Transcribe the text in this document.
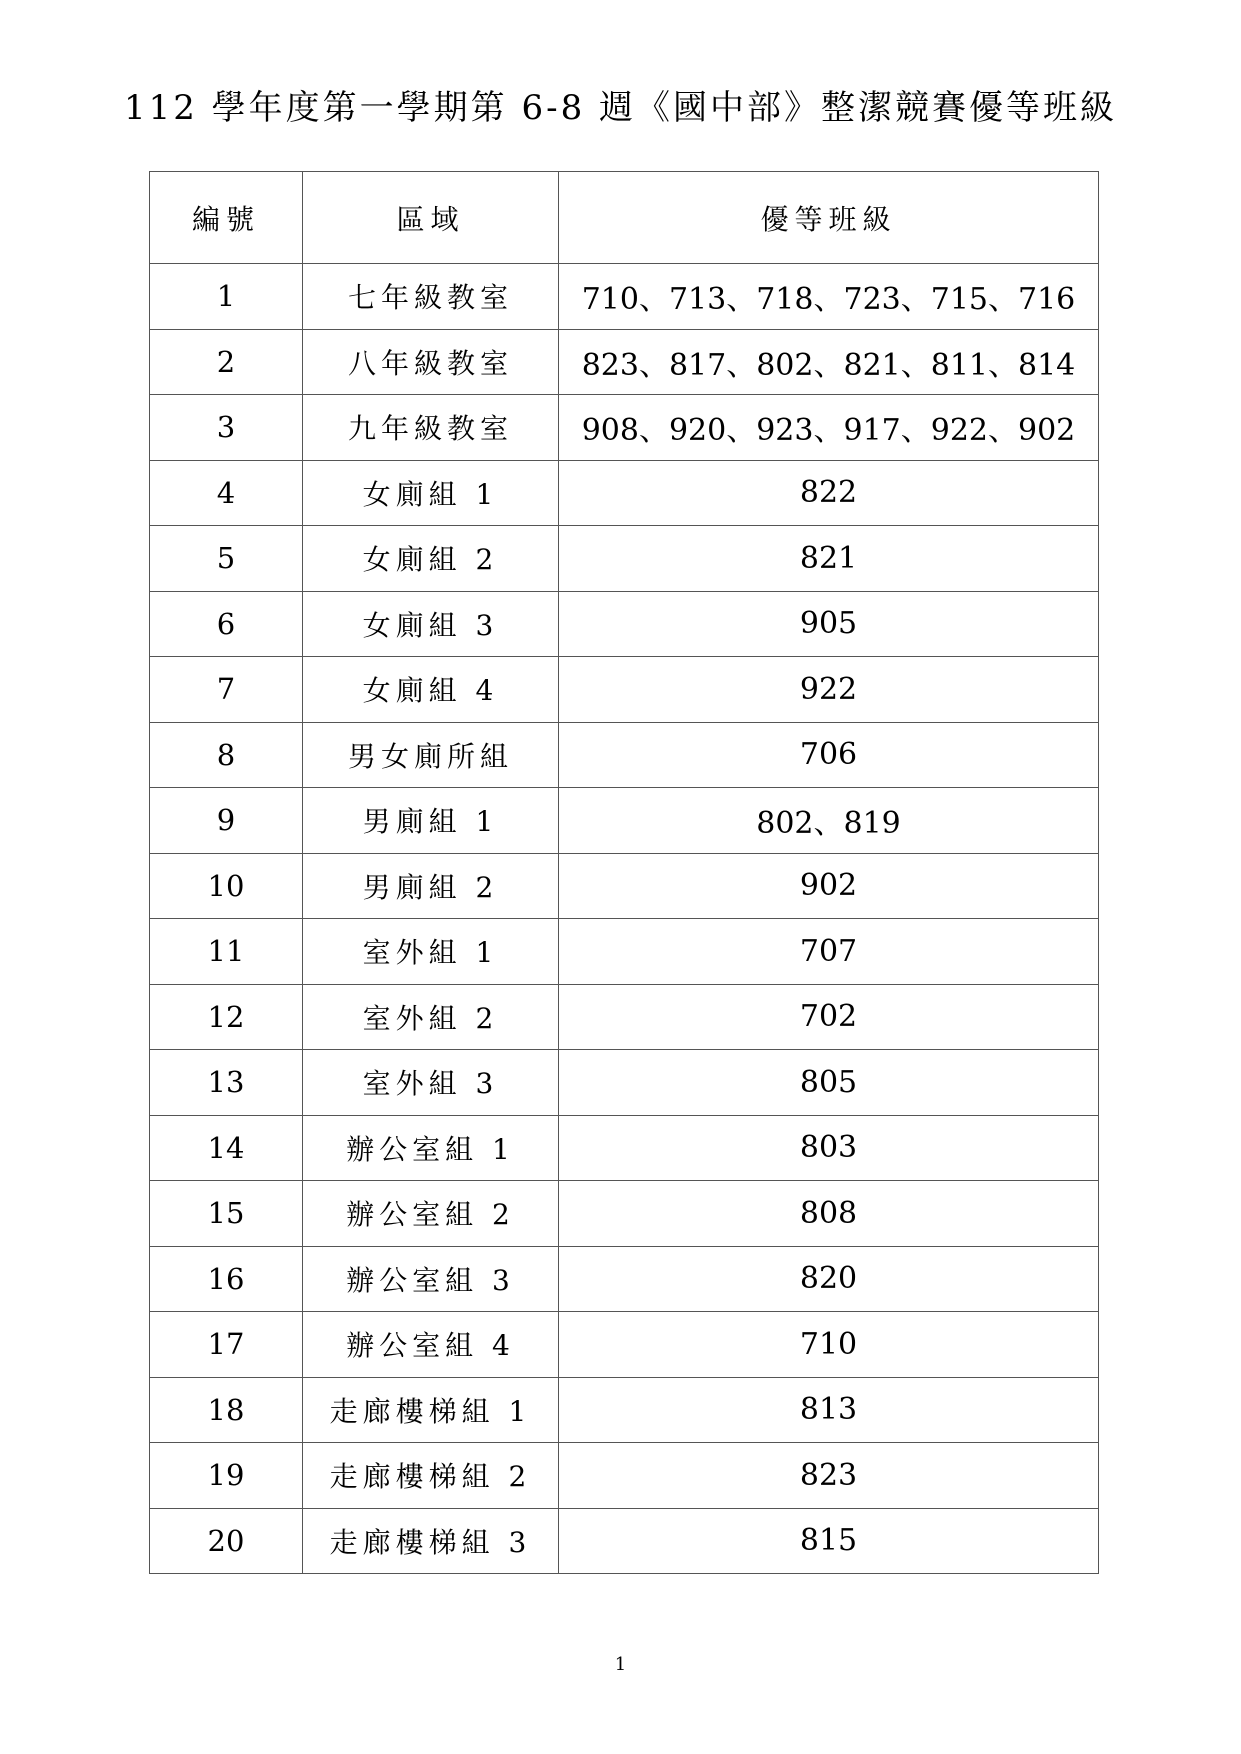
112 學年度第一學期第 6-8 週《國中部》整潔競賽優等班級
編號	區域	優等班級
1	七年級教室	710、713、718、723、715、716
2	八年級教室	823、817、802、821、811、814
3	九年級教室	908、920、923、917、922、902
4	女廁組 1	822
5	女廁組 2	821
6	女廁組 3	905
7	女廁組 4	922
8	男女廁所組	706
9	男廁組 1	802、819
10	男廁組 2	902
11	室外組 1	707
12	室外組 2	702
13	室外組 3	805
14	辦公室組 1	803
15	辦公室組 2	808
16	辦公室組 3	820
17	辦公室組 4	710
18	走廊樓梯組 1	813
19	走廊樓梯組 2	823
20	走廊樓梯組 3	815
1
